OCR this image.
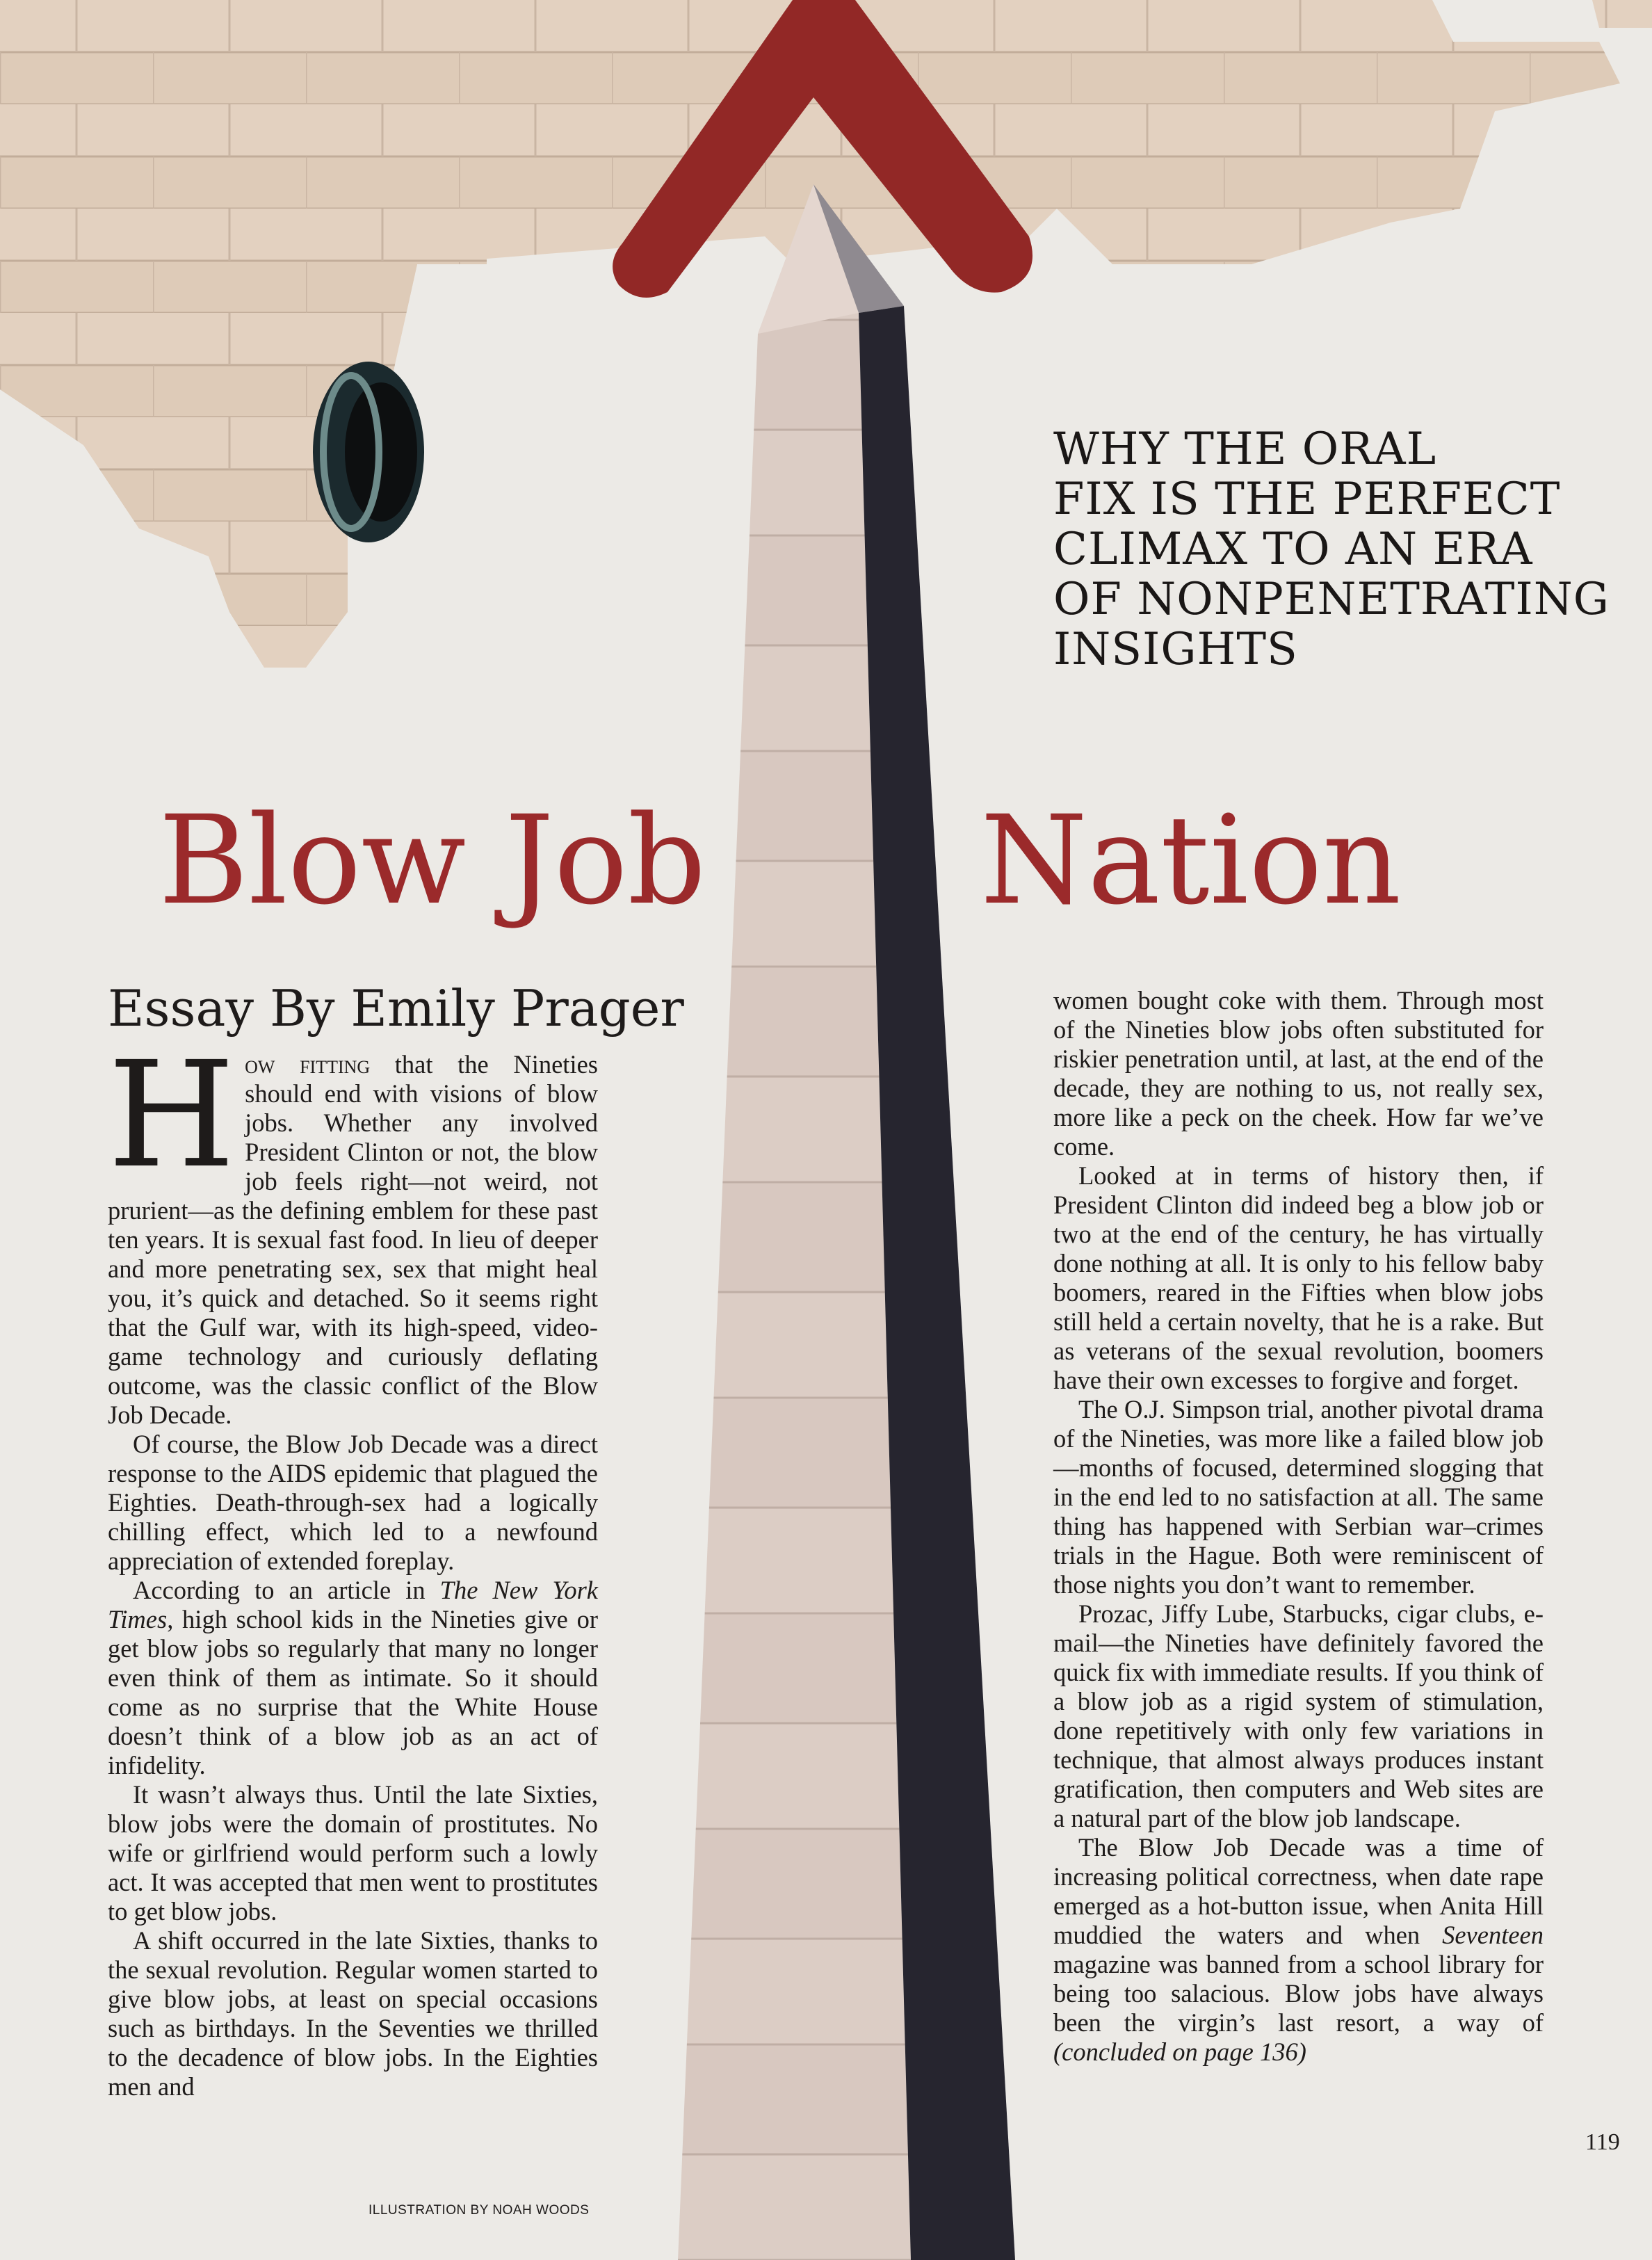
WHY THE ORAL
FIX IS THE PERFECT
CLIMAX TO AN ERA
OF NONPENETRATING
INSIGHTS
Blow Job Nation
Essay By Emily Prager

How fitting that the Nineties should end with visions of blow jobs. Whether any involved President Clinton or not, the blow job feels right—not weird, not prurient—as the defining emblem for these past ten years. It is sexual fast food. In lieu of deeper and more penetrating sex, sex that might heal you, it’s quick and detached. So it seems right that the Gulf war, with its high-speed, video-game technology and curiously deflating outcome, was the classic conflict of the Blow Job Decade.

Of course, the Blow Job Decade was a direct response to the AIDS epidemic that plagued the Eighties. Death-through-sex had a logically chilling effect, which led to a newfound appreciation of extended foreplay.

According to an article in The New York Times, high school kids in the Nineties give or get blow jobs so regularly that many no longer even think of them as intimate. So it should come as no surprise that the White House doesn’t think of a blow job as an act of infidelity.

It wasn’t always thus. Until the late Sixties, blow jobs were the domain of prostitutes. No wife or girlfriend would perform such a lowly act. It was accepted that men went to prostitutes to get blow jobs.

A shift occurred in the late Sixties, thanks to the sexual revolution. Regular women started to give blow jobs, at least on special occasions such as birthdays. In the Seventies we thrilled to the decadence of blow jobs. In the Eighties men and

women bought coke with them. Through most of the Nineties blow jobs often substituted for riskier penetration until, at last, at the end of the decade, they are nothing to us, not really sex, more like a peck on the cheek. How far we’ve come.

Looked at in terms of history then, if President Clinton did indeed beg a blow job or two at the end of the century, he has virtually done nothing at all. It is only to his fellow baby boomers, reared in the Fifties when blow jobs still held a certain novelty, that he is a rake. But as veterans of the sexual revolution, boomers have their own excesses to forgive and forget.

The O.J. Simpson trial, another pivotal drama of the Nineties, was more like a failed blow job—months of focused, determined slogging that in the end led to no satisfaction at all. The same thing has happened with Serbian war–crimes trials in the Hague. Both were reminiscent of those nights you don’t want to remember.

Prozac, Jiffy Lube, Starbucks, cigar clubs, e-mail—the Nineties have definitely favored the quick fix with immediate results. If you think of a blow job as a rigid system of stimulation, done repetitively with only few variations in technique, that almost always produces instant gratification, then computers and Web sites are a natural part of the blow job landscape.

The Blow Job Decade was a time of increasing political correctness, when date rape emerged as a hot-button issue, when Anita Hill muddied the waters and when Seventeen magazine was banned from a school library for being too salacious. Blow jobs have always been the virgin’s last resort, a way of (concluded on page 136)

ILLUSTRATION BY NOAH WOODS
119
